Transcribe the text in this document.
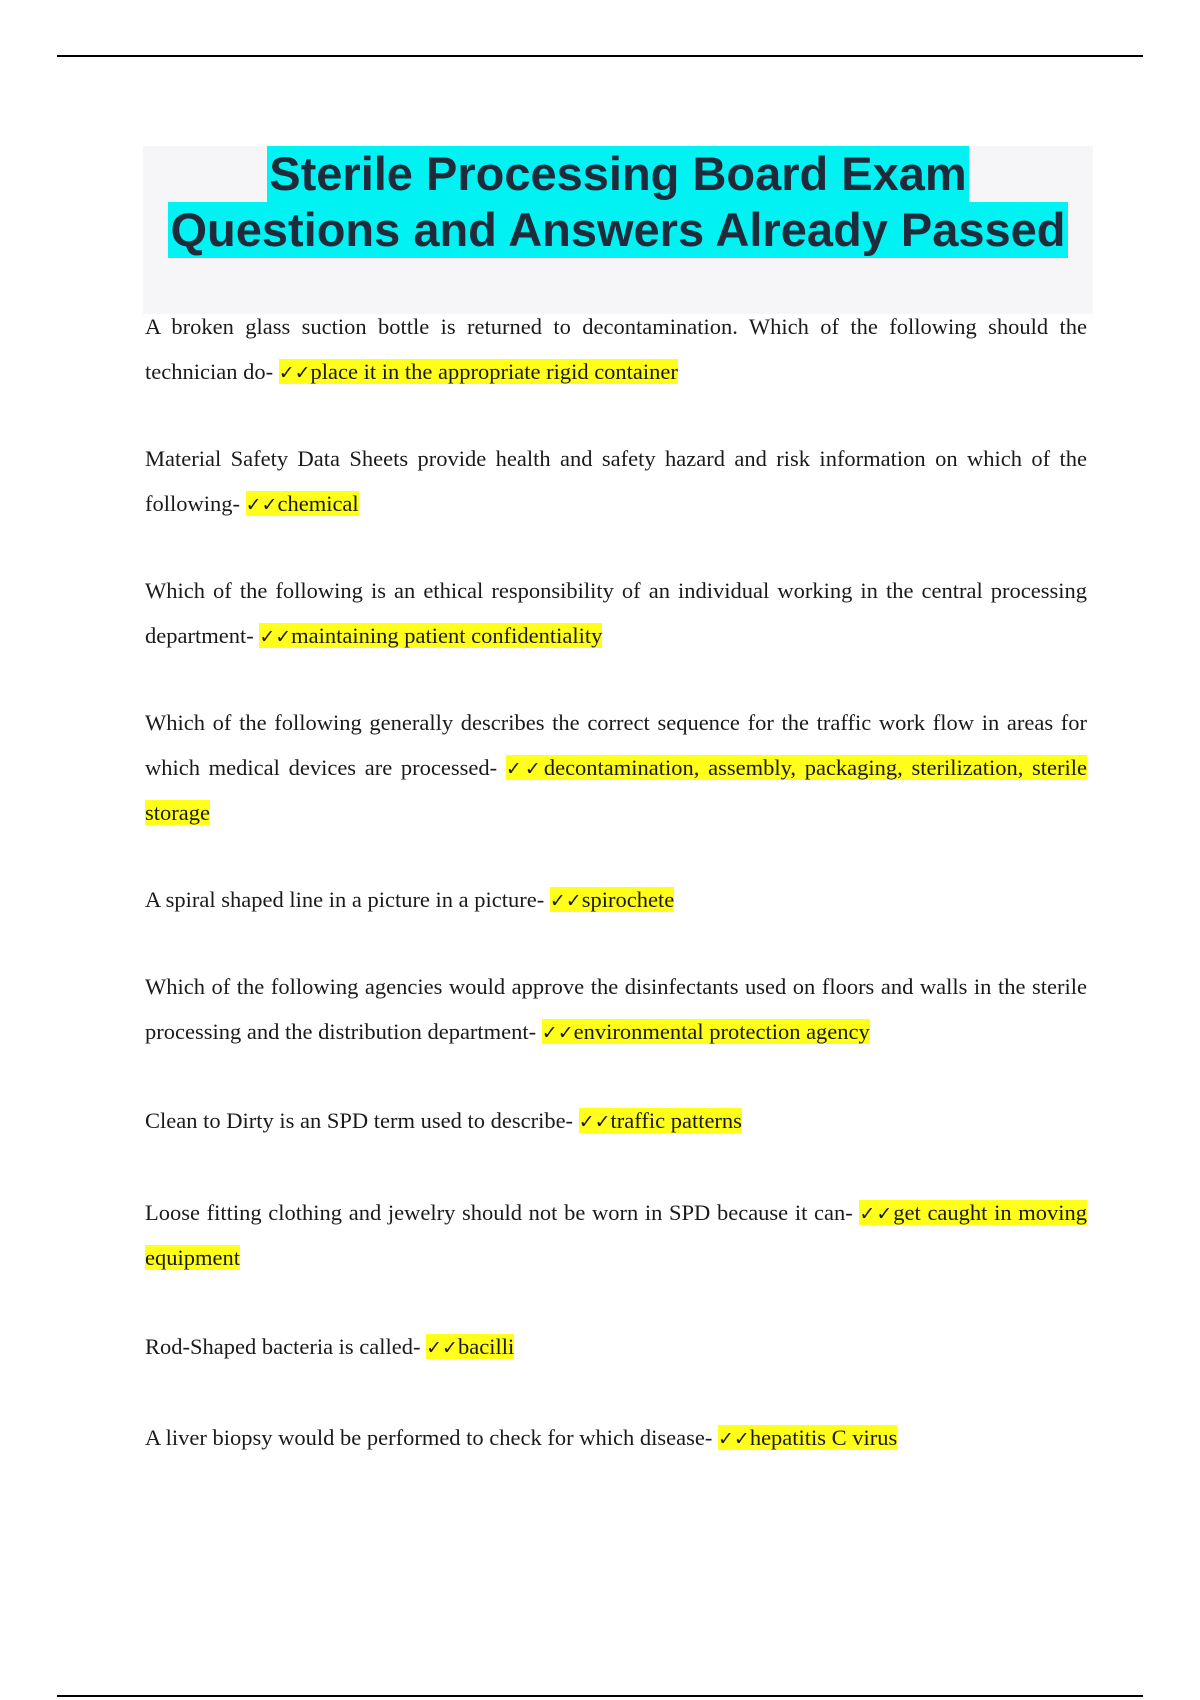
Sterile Processing Board Exam
Questions and Answers Already Passed

A broken glass suction bottle is returned to decontamination. Which of the following should the technician do- ✓✓place it in the appropriate rigid container

Material Safety Data Sheets provide health and safety hazard and risk information on which of the following- ✓✓chemical

Which of the following is an ethical responsibility of an individual working in the central processing department- ✓✓maintaining patient confidentiality

Which of the following generally describes the correct sequence for the traffic work flow in areas for which medical devices are processed- ✓✓decontamination, assembly, packaging, sterilization, sterile storage

A spiral shaped line in a picture in a picture- ✓✓spirochete

Which of the following agencies would approve the disinfectants used on floors and walls in the sterile processing and the distribution department- ✓✓environmental protection agency

Clean to Dirty is an SPD term used to describe- ✓✓traffic patterns

Loose fitting clothing and jewelry should not be worn in SPD because it can- ✓✓get caught in moving equipment

Rod-Shaped bacteria is called- ✓✓bacilli

A liver biopsy would be performed to check for which disease- ✓✓hepatitis C virus
